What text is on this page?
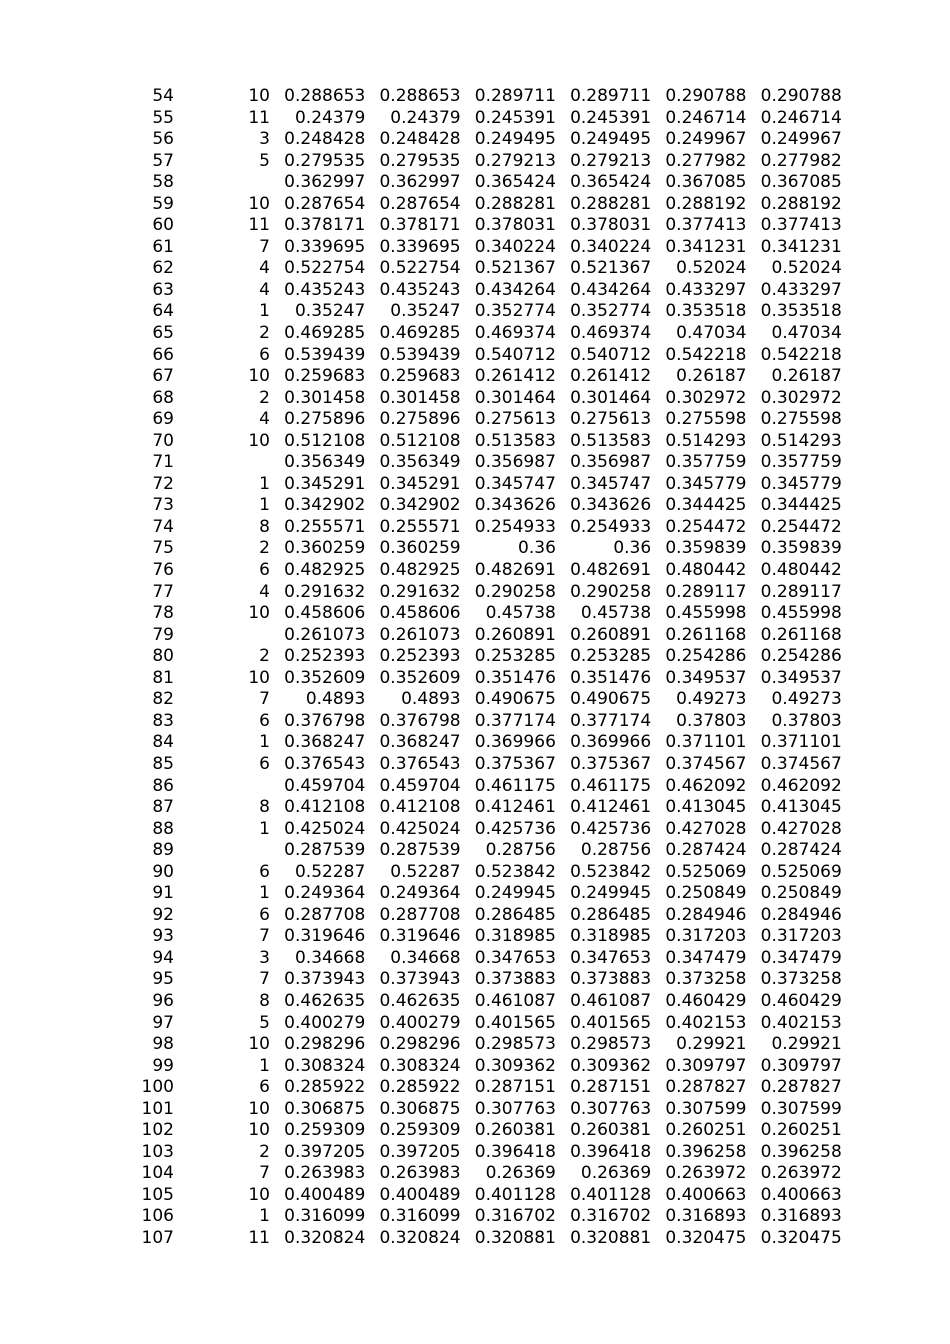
54	10	0.288653	0.288653	0.289711	0.289711	0.290788	0.290788
55	11	0.24379	0.24379	0.245391	0.245391	0.246714	0.246714
56	3	0.248428	0.248428	0.249495	0.249495	0.249967	0.249967
57	5	0.279535	0.279535	0.279213	0.279213	0.277982	0.277982
58		0.362997	0.362997	0.365424	0.365424	0.367085	0.367085
59	10	0.287654	0.287654	0.288281	0.288281	0.288192	0.288192
60	11	0.378171	0.378171	0.378031	0.378031	0.377413	0.377413
61	7	0.339695	0.339695	0.340224	0.340224	0.341231	0.341231
62	4	0.522754	0.522754	0.521367	0.521367	0.52024	0.52024
63	4	0.435243	0.435243	0.434264	0.434264	0.433297	0.433297
64	1	0.35247	0.35247	0.352774	0.352774	0.353518	0.353518
65	2	0.469285	0.469285	0.469374	0.469374	0.47034	0.47034
66	6	0.539439	0.539439	0.540712	0.540712	0.542218	0.542218
67	10	0.259683	0.259683	0.261412	0.261412	0.26187	0.26187
68	2	0.301458	0.301458	0.301464	0.301464	0.302972	0.302972
69	4	0.275896	0.275896	0.275613	0.275613	0.275598	0.275598
70	10	0.512108	0.512108	0.513583	0.513583	0.514293	0.514293
71		0.356349	0.356349	0.356987	0.356987	0.357759	0.357759
72	1	0.345291	0.345291	0.345747	0.345747	0.345779	0.345779
73	1	0.342902	0.342902	0.343626	0.343626	0.344425	0.344425
74	8	0.255571	0.255571	0.254933	0.254933	0.254472	0.254472
75	2	0.360259	0.360259	0.36	0.36	0.359839	0.359839
76	6	0.482925	0.482925	0.482691	0.482691	0.480442	0.480442
77	4	0.291632	0.291632	0.290258	0.290258	0.289117	0.289117
78	10	0.458606	0.458606	0.45738	0.45738	0.455998	0.455998
79		0.261073	0.261073	0.260891	0.260891	0.261168	0.261168
80	2	0.252393	0.252393	0.253285	0.253285	0.254286	0.254286
81	10	0.352609	0.352609	0.351476	0.351476	0.349537	0.349537
82	7	0.4893	0.4893	0.490675	0.490675	0.49273	0.49273
83	6	0.376798	0.376798	0.377174	0.377174	0.37803	0.37803
84	1	0.368247	0.368247	0.369966	0.369966	0.371101	0.371101
85	6	0.376543	0.376543	0.375367	0.375367	0.374567	0.374567
86		0.459704	0.459704	0.461175	0.461175	0.462092	0.462092
87	8	0.412108	0.412108	0.412461	0.412461	0.413045	0.413045
88	1	0.425024	0.425024	0.425736	0.425736	0.427028	0.427028
89		0.287539	0.287539	0.28756	0.28756	0.287424	0.287424
90	6	0.52287	0.52287	0.523842	0.523842	0.525069	0.525069
91	1	0.249364	0.249364	0.249945	0.249945	0.250849	0.250849
92	6	0.287708	0.287708	0.286485	0.286485	0.284946	0.284946
93	7	0.319646	0.319646	0.318985	0.318985	0.317203	0.317203
94	3	0.34668	0.34668	0.347653	0.347653	0.347479	0.347479
95	7	0.373943	0.373943	0.373883	0.373883	0.373258	0.373258
96	8	0.462635	0.462635	0.461087	0.461087	0.460429	0.460429
97	5	0.400279	0.400279	0.401565	0.401565	0.402153	0.402153
98	10	0.298296	0.298296	0.298573	0.298573	0.29921	0.29921
99	1	0.308324	0.308324	0.309362	0.309362	0.309797	0.309797
100	6	0.285922	0.285922	0.287151	0.287151	0.287827	0.287827
101	10	0.306875	0.306875	0.307763	0.307763	0.307599	0.307599
102	10	0.259309	0.259309	0.260381	0.260381	0.260251	0.260251
103	2	0.397205	0.397205	0.396418	0.396418	0.396258	0.396258
104	7	0.263983	0.263983	0.26369	0.26369	0.263972	0.263972
105	10	0.400489	0.400489	0.401128	0.401128	0.400663	0.400663
106	1	0.316099	0.316099	0.316702	0.316702	0.316893	0.316893
107	11	0.320824	0.320824	0.320881	0.320881	0.320475	0.320475
